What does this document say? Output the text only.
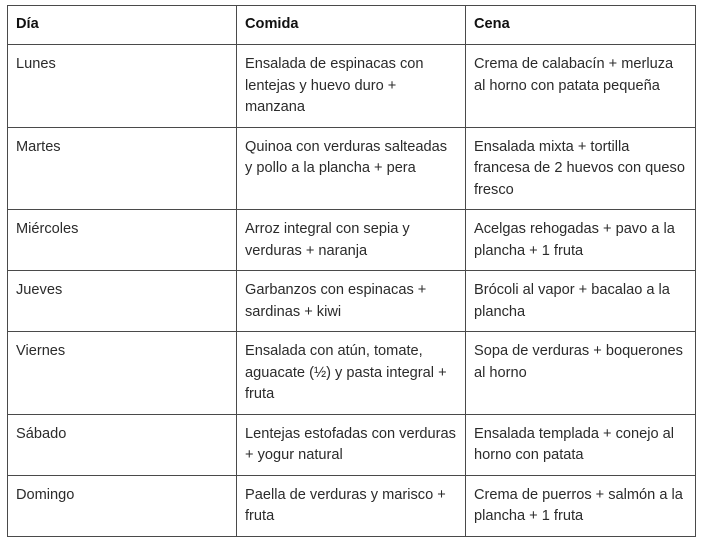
Día	Comida	Cena
Lunes	Ensalada de espinacas con lentejas y huevo duro + manzana	Crema de calabacín + merluza al horno con patata pequeña
Martes	Quinoa con verduras salteadas y pollo a la plancha + pera	Ensalada mixta + tortilla francesa de 2 huevos con queso fresco
Miércoles	Arroz integral con sepia y verduras + naranja	Acelgas rehogadas + pavo a la plancha + 1 fruta
Jueves	Garbanzos con espinacas + sardinas + kiwi	Brócoli al vapor + bacalao a la plancha
Viernes	Ensalada con atún, tomate, aguacate (½) y pasta integral + fruta	Sopa de verduras + boquerones al horno
Sábado	Lentejas estofadas con verduras + yogur natural	Ensalada templada + conejo al horno con patata
Domingo	Paella de verduras y marisco + fruta	Crema de puerros + salmón a la plancha + 1 fruta
